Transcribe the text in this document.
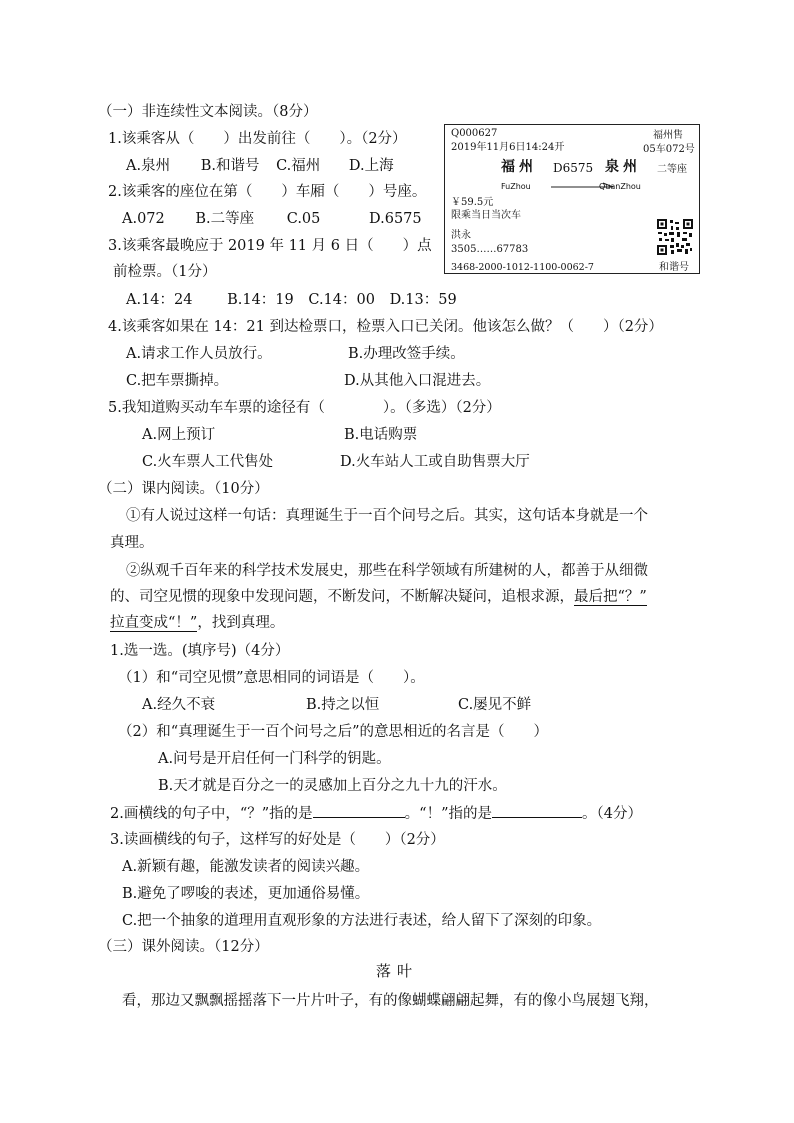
（一）非连续性文本阅读。（8分）
1.该乘客从（　　）出发前往（　　）。（2分）
A.泉州 B.和谐号 C.福州 D.上海
2.该乘客的座位在第（　　）车厢（　　）号座。
A.072 B.二等座 C.05	D.6575
3.该乘客最晚应于 2019 年 11 月 6 日（　　）点
前检票。（1分）
A.14：24 B.14：19 C.14：00 D.13：59
4.该乘客如果在 14：21 到达检票口，检票入口已关闭。他该怎么做？（　　）（2分）
A.请求工作人员放行。	B.办理改签手续。
C.把车票撕掉。	D.从其他入口混进去。
5.我知道购买动车车票的途径有（　　　　）。（多选）（2分）
A.网上预订	B.电话购票
C.火车票人工代售处	D.火车站人工或自助售票大厅
Q000627	福州售
2019年11月6日14:24开	05车072号
福州 D6575 泉州 二等座
FuZhou	QuanZhou
￥59.5元
限乘当日当次车
洪永
3505……67783
3468-2000-1012-1100-0062-7	和谐号
（二）课内阅读。（10分）
①有人说过这样一句话：真理诞生于一百个问号之后。其实，这句话本身就是一个
真理。
②纵观千百年来的科学技术发展史，那些在科学领域有所建树的人，都善于从细微
的、司空见惯的现象中发现问题，不断发问，不断解决疑问，追根求源，最后把“？”
拉直变成“！”，找到真理。
1.选一选。(填序号)（4分）
（1）和“司空见惯”意思相同的词语是（　　）。
A.经久不衰	B.持之以恒	C.屡见不鲜
（2）和“真理诞生于一百个问号之后”的意思相近的名言是（　　）
A.问号是开启任何一门科学的钥匙。
B.天才就是百分之一的灵感加上百分之九十九的汗水。
2.画横线的句子中，“？”指的是	。“！”指的是	。（4分）
3.读画横线的句子，这样写的好处是（　　）（2分）
A.新颖有趣，能激发读者的阅读兴趣。
B.避免了啰唆的表述，更加通俗易懂。
C.把一个抽象的道理用直观形象的方法进行表述，给人留下了深刻的印象。
（三）课外阅读。（12分）
落叶
看，那边又飘飘摇摇落下一片片叶子，有的像蝴蝶翩翩起舞，有的像小鸟展翅飞翔，
